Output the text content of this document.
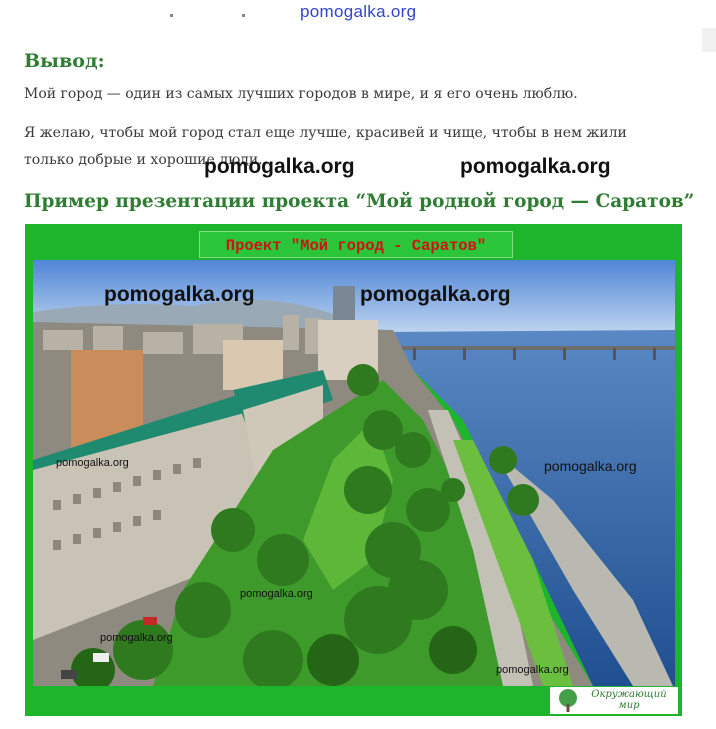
pomogalka.org
Вывод:

Мой город — один из самых лучших городов в мире, и я его очень люблю.

Я желаю, чтобы мой город стал еще лучше, красивей и чище, чтобы в нем жили только добрые и хорошие люди.

pomogalka.org	pomogalka.org
Пример презентации проекта “Мой родной город — Саратов”
Проект "Мой город - Саратов"
Окружающий
мир
pomogalka.org	pomogalka.org
pomogalka.org	pomogalka.org
pomogalka.org
pomogalka.org
pomogalka.org
